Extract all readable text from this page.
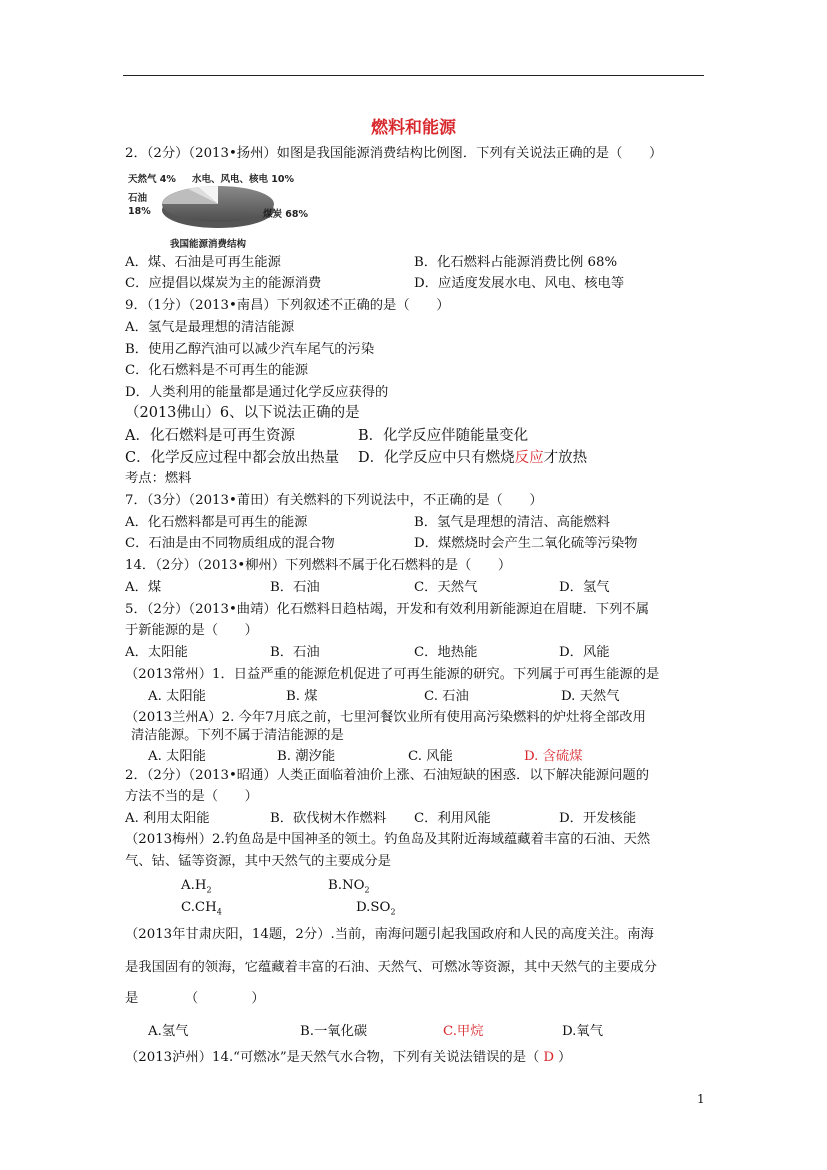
燃料和能源
2．（2分）（2013•扬州）如图是我国能源消费结构比例图．下列有关说法正确的是（　　）
天然气 4% 水电、风电、核电 10%
石油
18%	煤炭 68%
我国能源消费结构
A．煤、石油是可再生能源	B．化石燃料占能源消费比例 68%
C．应提倡以煤炭为主的能源消费	D．应适度发展水电、风电、核电等
9．（1分）（2013•南昌）下列叙述不正确的是（　　）
A．氢气是最理想的清洁能源
B．使用乙醇汽油可以减少汽车尾气的污染
C．化石燃料是不可再生的能源
D．人类利用的能量都是通过化学反应获得的
（2013佛山）6、以下说法正确的是
A．化石燃料是可再生资源	B．化学反应伴随能量变化
C．化学反应过程中都会放出热量 D．化学反应中只有燃烧反应才放热
考点：燃料
7．（3分）（2013•莆田）有关燃料的下列说法中，不正确的是（　　）
A．化石燃料都是可再生的能源	B．氢气是理想的清洁、高能燃料
C．石油是由不同物质组成的混合物	D．煤燃烧时会产生二氧化硫等污染物
14．（2分）（2013•柳州）下列燃料不属于化石燃料的是（　　）
A．煤	B．石油	C．天然气	D．氢气
5．（2分）（2013•曲靖）化石燃料日趋枯竭，开发和有效利用新能源迫在眉睫．下列不属
于新能源的是（　　）
A．太阳能	B．石油	C．地热能	D．风能
（2013常州）1．日益严重的能源危机促进了可再生能源的研究。下列属于可再生能源的是
A. 太阳能	B. 煤	C. 石油	D. 天然气
（2013兰州A）2. 今年7月底之前，七里河餐饮业所有使用高污染燃料的炉灶将全部改用
清洁能源。下列不属于清洁能源的是
A. 太阳能	B. 潮汐能	C. 风能	D. 含硫煤
2．（2分）（2013•昭通）人类正面临着油价上涨、石油短缺的困惑．以下解决能源问题的
方法不当的是（　　）
A. 利用太阳能	B．砍伐树木作燃料 C．利用风能	D．开发核能
（2013梅州）2.钓鱼岛是中国神圣的领土。钓鱼岛及其附近海域蕴藏着丰富的石油、天然
气、钴、锰等资源，其中天然气的主要成分是
$A.H_2$	$B.NO_2$
$C.CH_4$	$D.SO_2$
（2013年甘肃庆阳，14题，2分）.当前，南海问题引起我国政府和人民的高度关注。南海
是我国固有的领海，它蕴藏着丰富的石油、天然气、可燃冰等资源，其中天然气的主要成分
是　　　　（　　　　）
A.氢气	B.一氧化碳	C.甲烷	D.氧气
（2013泸州）14.“可燃冰”是天然气水合物，下列有关说法错误的是（ D ）
1
